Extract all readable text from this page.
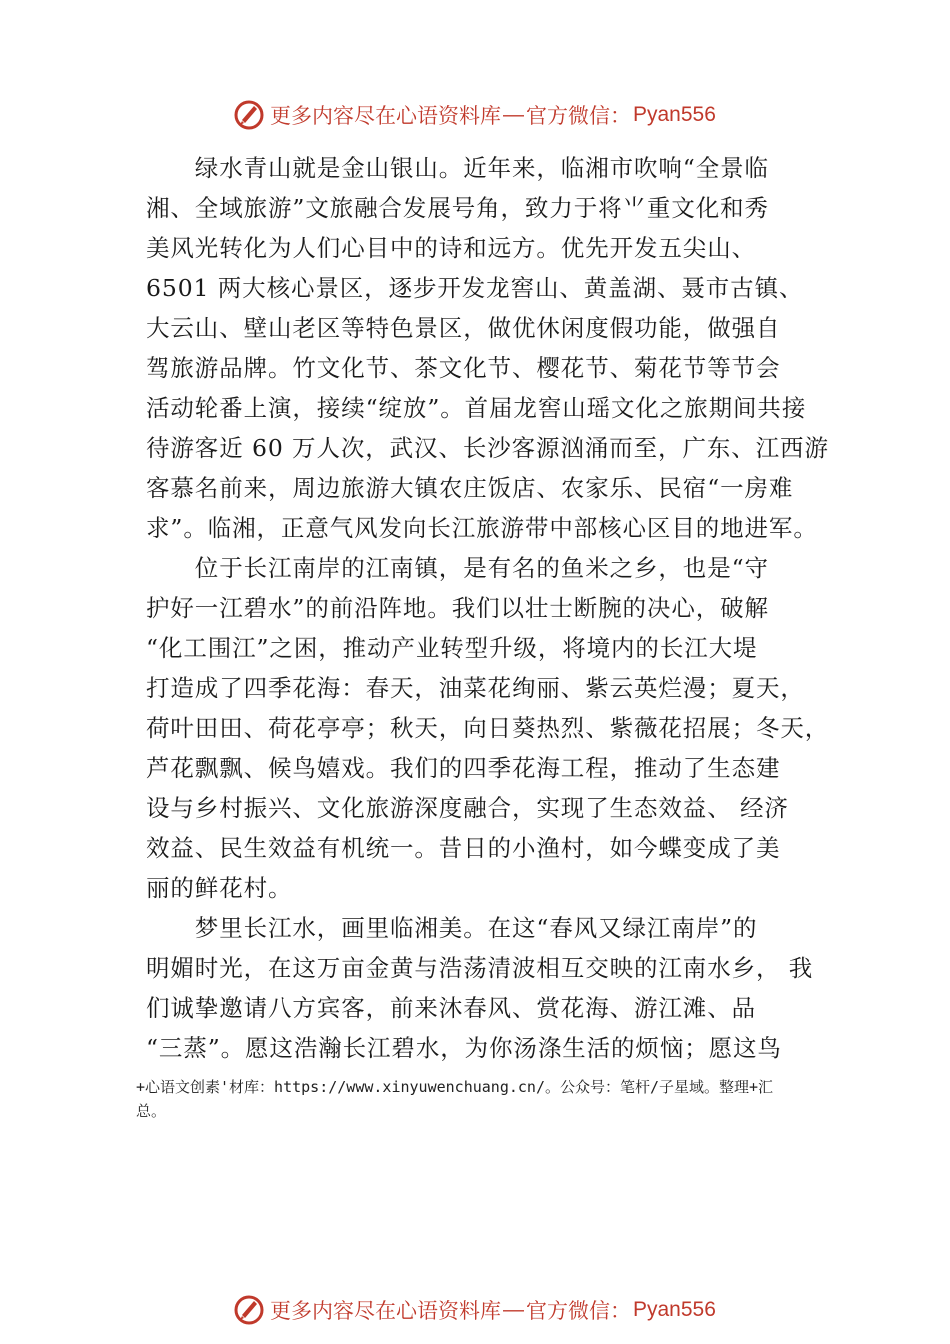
更多内容尽在心语资料库 — 官方微信： Pyan556
　　绿水青山就是金山银山。近年来，临湘市吹响“全景临
湘、全域旅游”文旅融合发展号角，致力于将⺌重文化和秀
美风光转化为人们心目中的诗和远方。优先开发五尖山、
6501 两大核心景区，逐步开发龙窖山、黄盖湖、聂市古镇、
大云山、壁山老区等特色景区，做优休闲度假功能，做强自
驾旅游品牌。竹文化节、茶文化节、樱花节、菊花节等节会
活动轮番上演，接续“绽放”。首届龙窖山瑶文化之旅期间共接
待游客近 60 万人次，武汉、长沙客源汹涌而至，广东、江西游
客慕名前来，周边旅游大镇农庄饭店、农家乐、民宿“一房难
求”。临湘，正意气风发向长江旅游带中部核心区目的地进军。
　　位于长江南岸的江南镇，是有名的鱼米之乡，也是“守
护好一江碧水”的前沿阵地。我们以壮士断腕的决心，破解
“化工围江”之困，推动产业转型升级，将境内的长江大堤
打造成了四季花海：春天，油菜花绚丽、紫云英烂漫；夏天，
荷叶田田、荷花亭亭；秋天，向日葵热烈、紫薇花招展；冬天，
芦花飘飘、候鸟嬉戏。我们的四季花海工程，推动了生态建
设与乡村振兴、文化旅游深度融合，实现了生态效益、 经济
效益、民生效益有机统一。昔日的小渔村，如今蝶变成了美
丽的鲜花村。
　　梦里长江水，画里临湘美。在这“春风又绿江南岸”的
明媚时光，在这万亩金黄与浩荡清波相互交映的江南水乡， 我
们诚挚邀请八方宾客，前来沐春风、赏花海、游江滩、品
“三蒸”。愿这浩瀚长江碧水，为你汤涤生活的烦恼；愿这鸟
+心语文创素'材库：https://www.xinyuwenchuang.cn/。公众号：笔杆/子星域。整理+汇
总。
更多内容尽在心语资料库 — 官方微信： Pyan556
